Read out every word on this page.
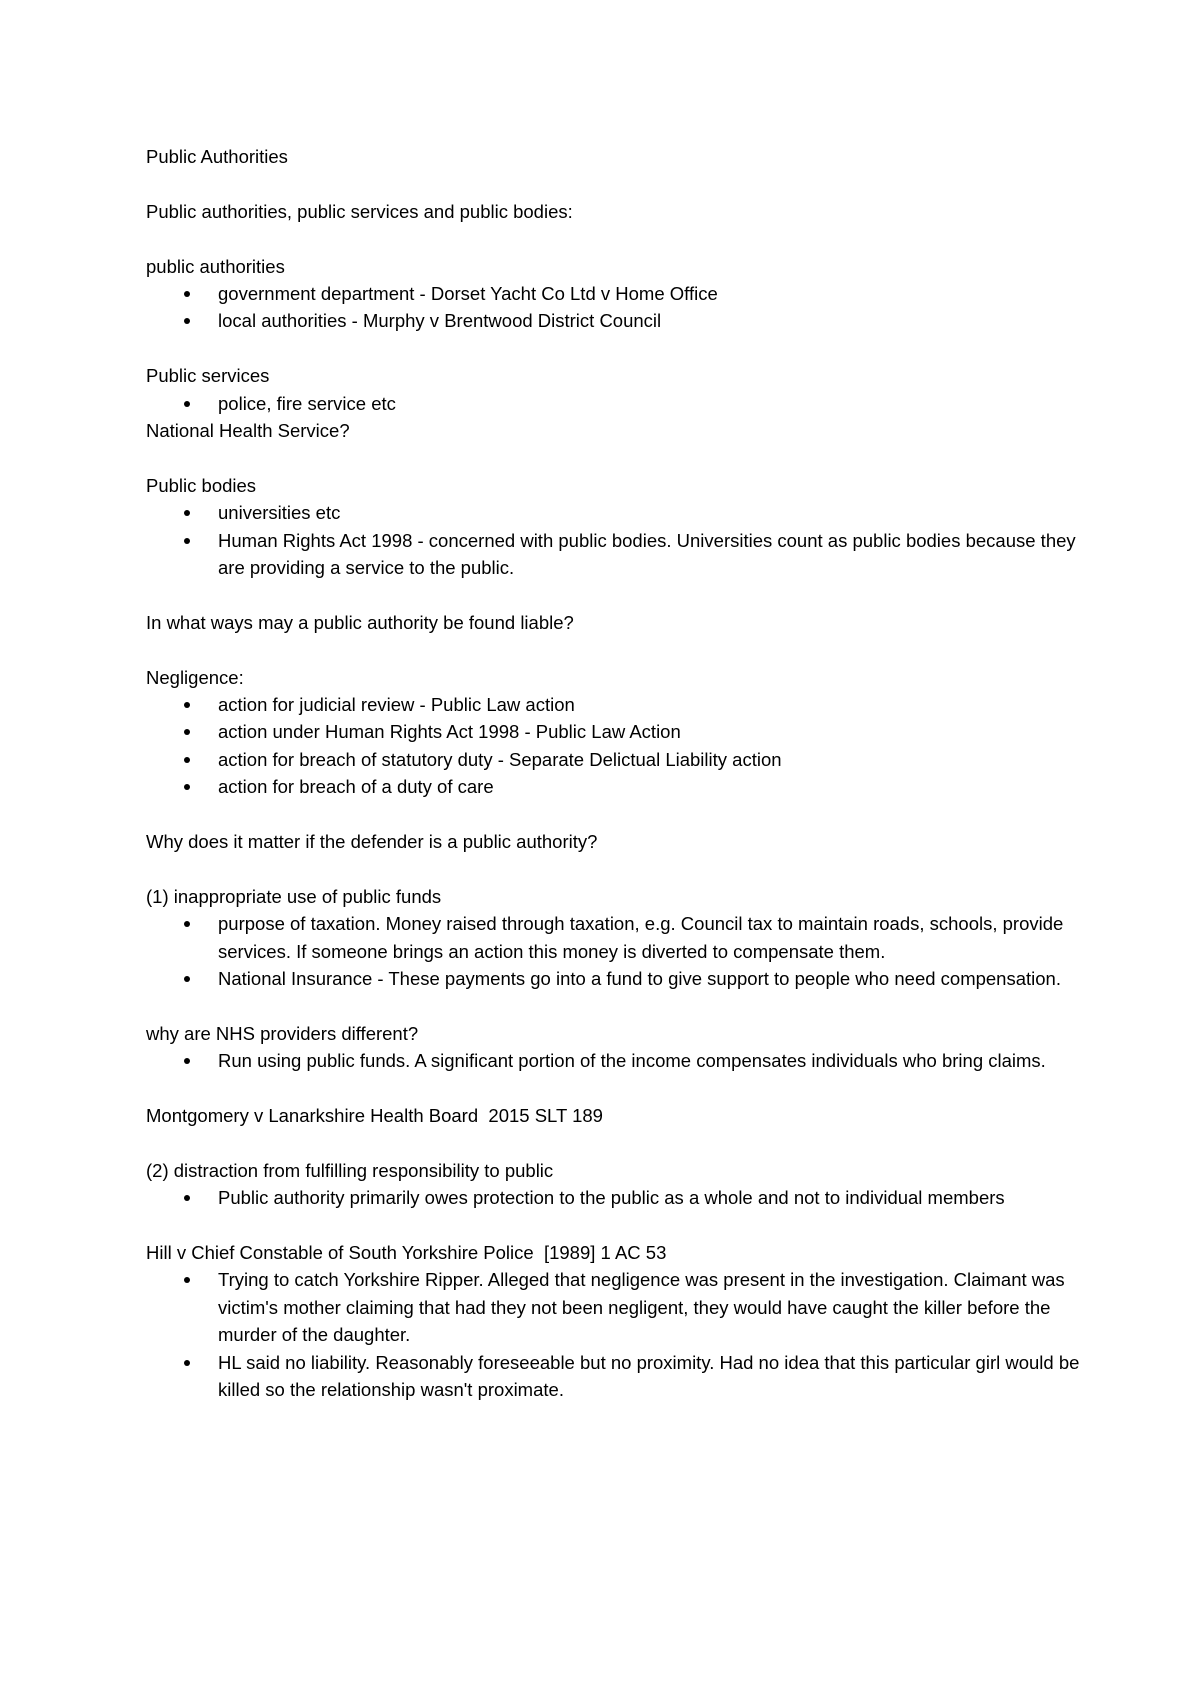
Public Authorities

Public authorities, public services and public bodies:

public authorities

government department - Dorset Yacht Co Ltd v Home Office
local authorities - Murphy v Brentwood District Council

Public services

police, fire service etc

National Health Service?

Public bodies

universities etc
Human Rights Act 1998 - concerned with public bodies. Universities count as public bodies because they are providing a service to the public.

In what ways may a public authority be found liable?

Negligence:

action for judicial review - Public Law action
action under Human Rights Act 1998 - Public Law Action
action for breach of statutory duty - Separate Delictual Liability action
action for breach of a duty of care

Why does it matter if the defender is a public authority?

(1) inappropriate use of public funds

purpose of taxation. Money raised through taxation, e.g. Council tax to maintain roads, schools, provide services. If someone brings an action this money is diverted to compensate them.
National Insurance - These payments go into a fund to give support to people who need compensation.

why are NHS providers different?

Run using public funds. A significant portion of the income compensates individuals who bring claims.

Montgomery v Lanarkshire Health Board  2015 SLT 189

(2) distraction from fulfilling responsibility to public

Public authority primarily owes protection to the public as a whole and not to individual members

Hill v Chief Constable of South Yorkshire Police  [1989] 1 AC 53

Trying to catch Yorkshire Ripper. Alleged that negligence was present in the investigation. Claimant was victim's mother claiming that had they not been negligent, they would have caught the killer before the murder of the daughter.
HL said no liability. Reasonably foreseeable but no proximity. Had no idea that this particular girl would be killed so the relationship wasn't proximate.
